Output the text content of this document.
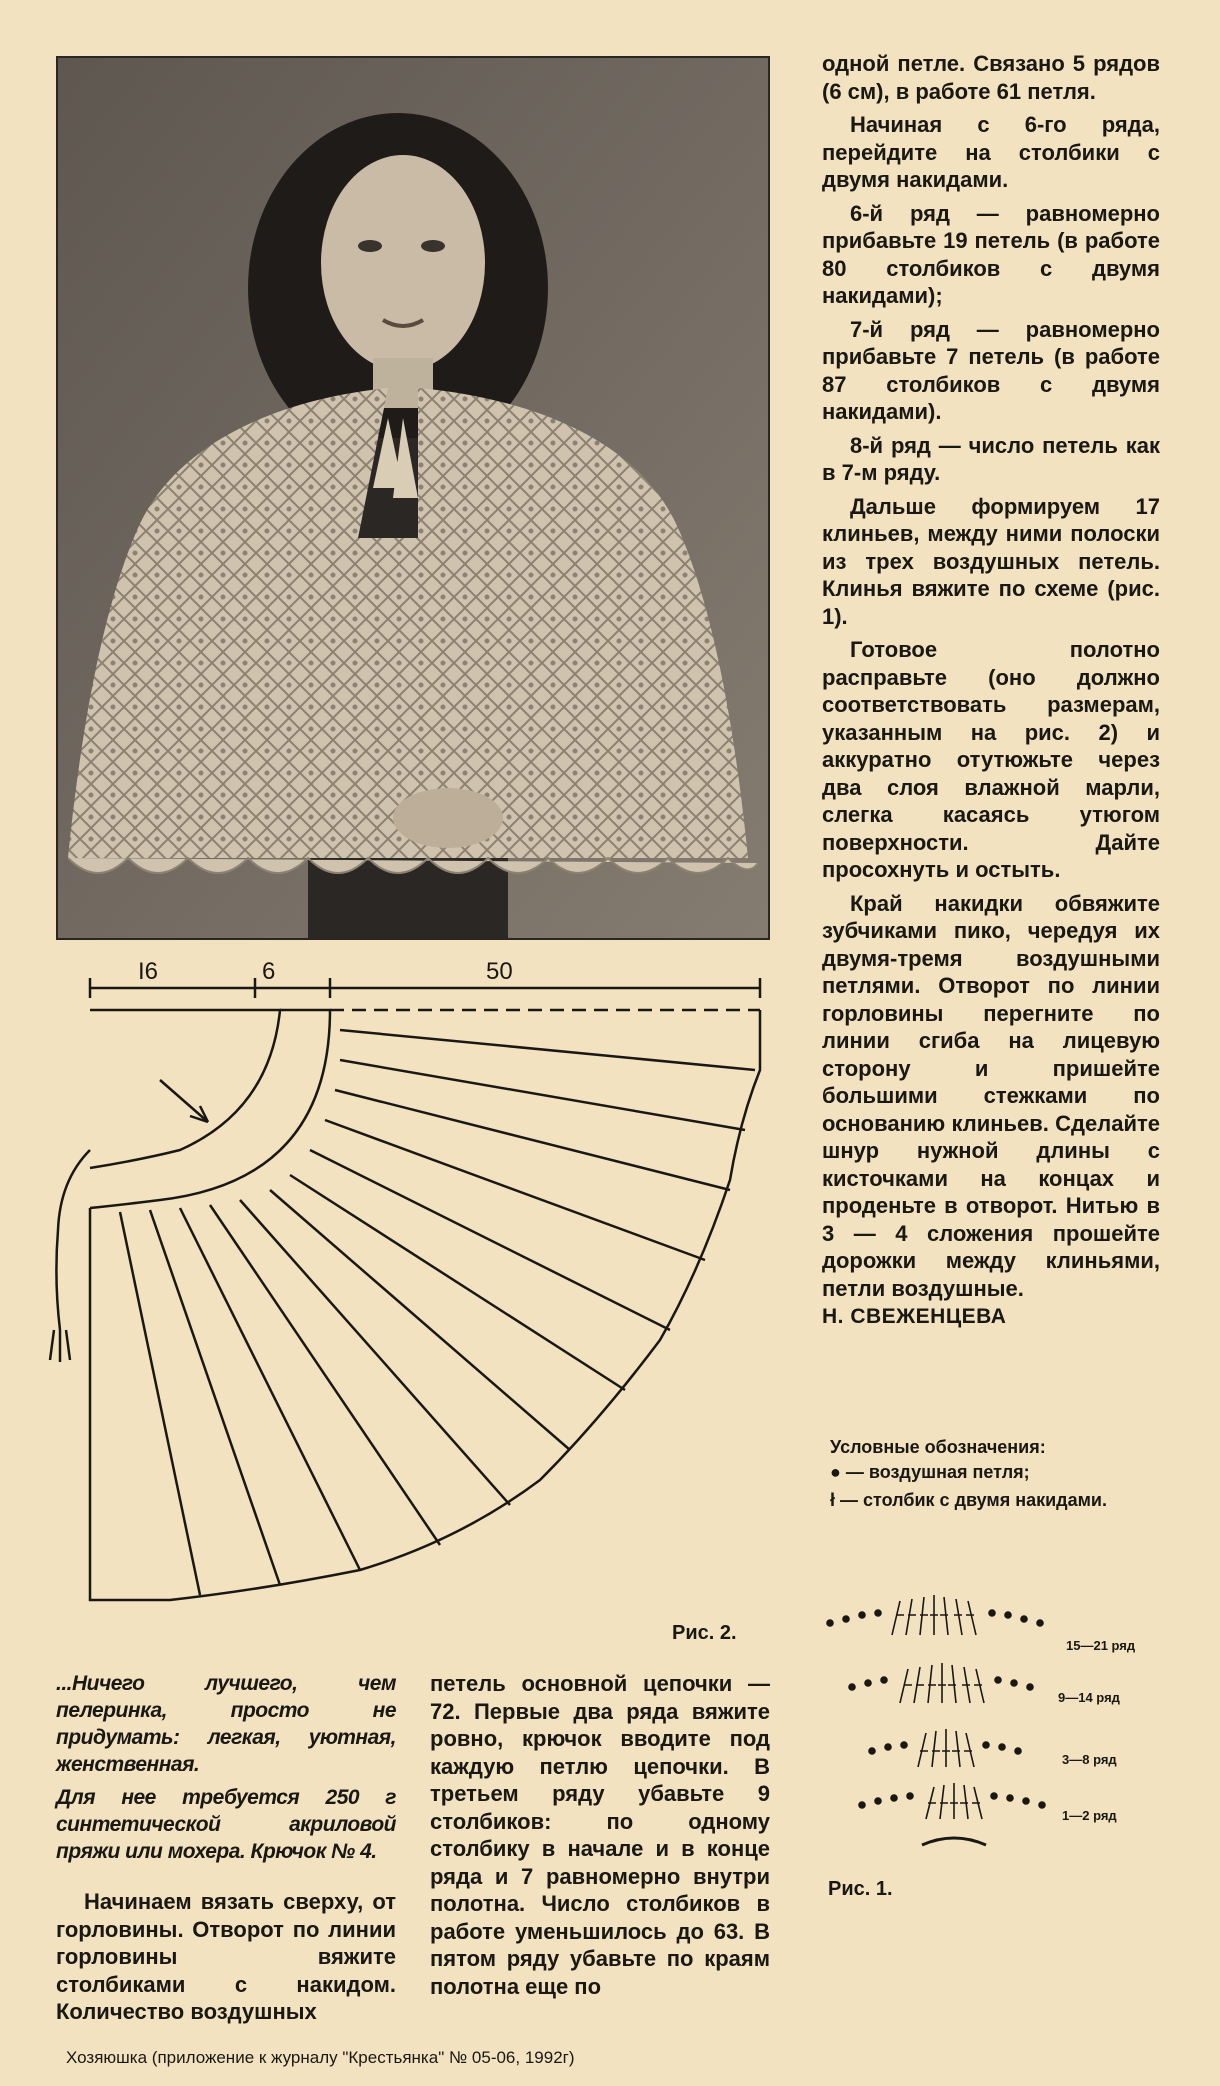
одной петле. Связано 5 рядов (6 см), в работе 61 петля.

Начиная с 6-го ряда, перейдите на столбики с двумя накидами.

6-й ряд — равномерно прибавьте 19 петель (в работе 80 столбиков с двумя накидами);

7-й ряд — равномерно прибавьте 7 петель (в работе 87 столбиков с двумя накидами).

8-й ряд — число петель как в 7-м ряду.

Дальше формируем 17 клиньев, между ними полоски из трех воздушных петель. Клинья вяжите по схеме (рис. 1).

Готовое полотно расправьте (оно должно соответствовать размерам, указанным на рис. 2) и аккуратно отутюжьте через два слоя влажной марли, слегка касаясь утюгом поверхности. Дайте просохнуть и остыть.

Край накидки обвяжите зубчиками пико, чередуя их двумя-тремя воздушными петлями. Отворот по линии горловины перегните по линии сгиба на лицевую сторону и пришейте большими стежками по основанию клиньев. Сделайте шнур нужной длины с кисточками на концах и проденьте в отворот. Нитью в 3 — 4 сложения прошейте дорожки между клиньями, петли воздушные.

Н. СВЕЖЕНЦЕВА
Условные обозначения:
● — воздушная петля;
ł — столбик с двумя накидами.
15—21 ряд
9—14 ряд
3—8 ряд
1—2 ряд
Рис. 1.
I6	6	50
Рис. 2.

...Ничего лучшего, чем пелеринка, просто не придумать: легкая, уютная, женственная.

Для нее требуется 250 г синтетической акриловой пряжи или мохера. Крючок № 4.

Начинаем вязать сверху, от горловины. Отворот по линии горловины вяжите столбиками с накидом. Количество воздушных

петель основной цепочки — 72. Первые два ряда вяжите ровно, крючок вводите под каждую петлю цепочки. В третьем ряду убавьте 9 столбиков: по одному столбику в начале и в конце ряда и 7 равномерно внутри полотна. Число столбиков в работе уменьшилось до 63. В пятом ряду убавьте по краям полотна еще по

Хозяюшка (приложение к журналу "Крестьянка" № 05-06, 1992г)
